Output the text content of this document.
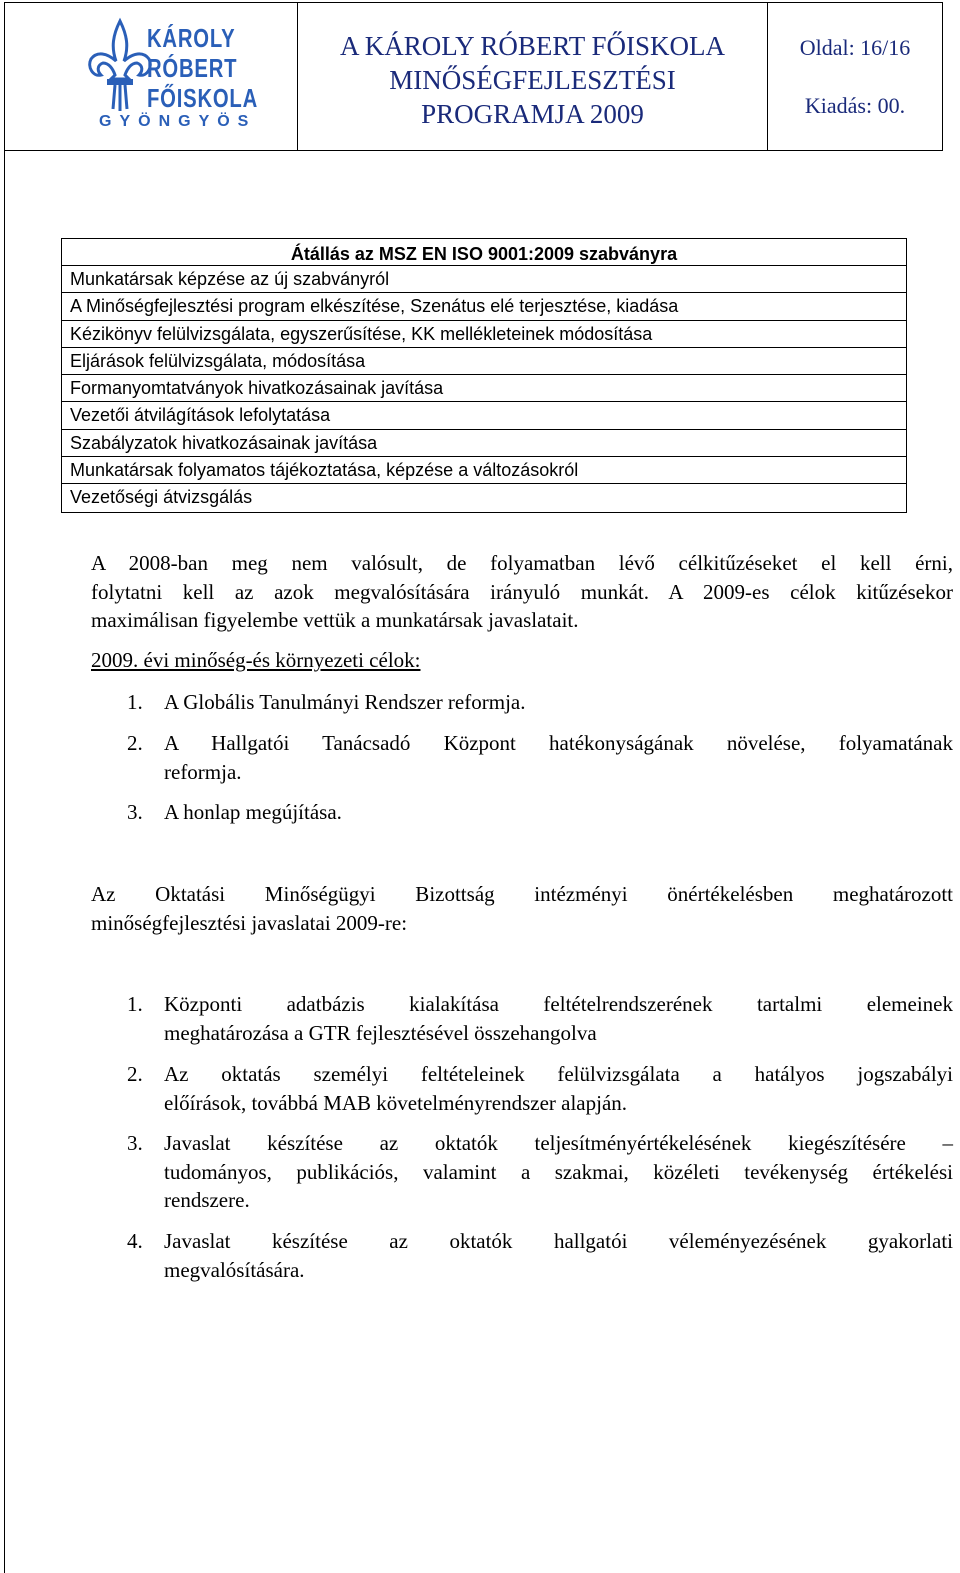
KÁROLY
RÓBERT
FŐISKOLA
GYÖNGYÖS
A KÁROLY RÓBERT FŐISKOLA
MINŐSÉGFEJLESZTÉSI
PROGRAMJA 2009
Oldal: 16/16
Kiadás: 00.
Átállás az MSZ EN ISO 9001:2009 szabványra
Munkatársak képzése az új szabványról
A Minőségfejlesztési program elkészítése, Szenátus elé terjesztése, kiadása
Kézikönyv felülvizsgálata, egyszerűsítése, KK mellékleteinek módosítása
Eljárások felülvizsgálata, módosítása
Formanyomtatványok hivatkozásainak javítása
Vezetői átvilágítások lefolytatása
Szabályzatok hivatkozásainak javítása
Munkatársak folyamatos tájékoztatása, képzése a változásokról
Vezetőségi átvizsgálás
A 2008-ban meg nem valósult, de folyamatban lévő célkitűzéseket el kell érni,
folytatni kell az azok megvalósítására irányuló munkát. A 2009-es célok kitűzésekor
maximálisan figyelembe vettük a munkatársak javaslatait.
2009. évi minőség-és környezeti célok:
1.	A Globális Tanulmányi Rendszer reformja.
2.	A Hallgatói Tanácsadó Központ hatékonyságának növelése, folyamatának
reformja.
3.	A honlap megújítása.
Az Oktatási Minőségügyi Bizottság intézményi önértékelésben meghatározott
minőségfejlesztési javaslatai 2009-re:
1.	Központi adatbázis kialakítása feltételrendszerének tartalmi elemeinek
meghatározása a GTR fejlesztésével összehangolva
2.	Az oktatás személyi feltételeinek felülvizsgálata a hatályos jogszabályi
előírások, továbbá MAB követelményrendszer alapján.
3.	Javaslat készítése az oktatók teljesítményértékelésének kiegészítésére –
tudományos, publikációs, valamint a szakmai, közéleti tevékenység értékelési
rendszere.
4.	Javaslat készítése az oktatók hallgatói véleményezésének gyakorlati
megvalósítására.
